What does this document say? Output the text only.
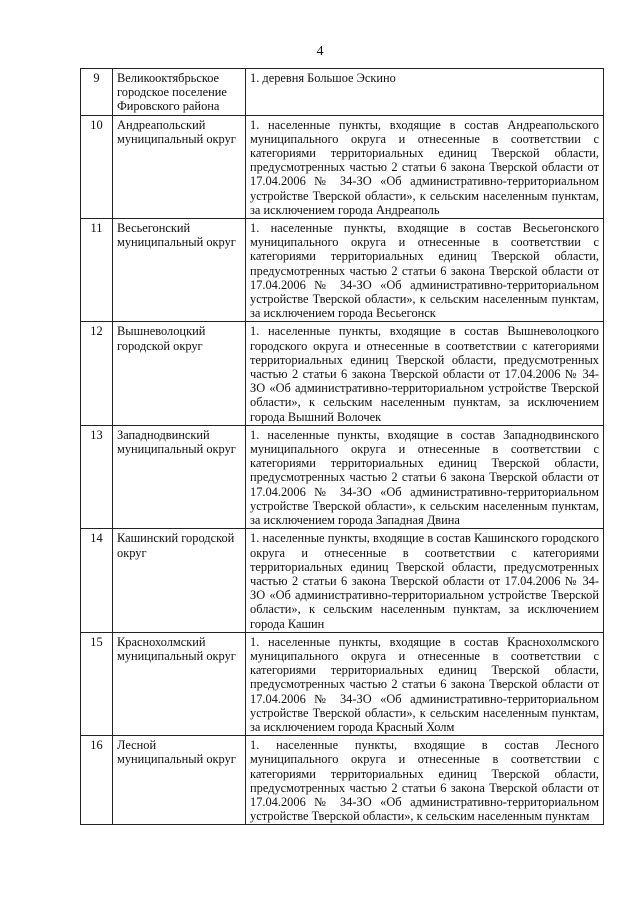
4
9	Великооктябрьское городское поселение Фировского района	1. деревня Большое Эскино
10	Андреапольский муниципальный округ	1. населенные пункты, входящие в состав Андреапольского муниципального округа и отнесенные в соответствии с категориями территориальных единиц Тверской области, предусмотренных частью 2 статьи 6 закона Тверской области от 17.04.2006 № 34-ЗО «Об административно-территориальном устройстве Тверской области», к сельским населенным пунктам, за исключением города Андреаполь
11	Весьегонский муниципальный округ	1. населенные пункты, входящие в состав Весьегонского муниципального округа и отнесенные в соответствии с категориями территориальных единиц Тверской области, предусмотренных частью 2 статьи 6 закона Тверской области от 17.04.2006 № 34-ЗО «Об административно-территориальном устройстве Тверской области», к сельским населенным пунктам, за исключением города Весьегонск
12	Вышневолоцкий городской округ	1. населенные пункты, входящие в состав Вышневолоцкого городского округа и отнесенные в соответствии с категориями территориальных единиц Тверской области, предусмотренных частью 2 статьи 6 закона Тверской области от 17.04.2006 № 34-ЗО «Об административно-территориальном устройстве Тверской области», к сельским населенным пунктам, за исключением города Вышний Волочек
13	Западнодвинский муниципальный округ	1. населенные пункты, входящие в состав Западнодвинского муниципального округа и отнесенные в соответствии с категориями территориальных единиц Тверской области, предусмотренных частью 2 статьи 6 закона Тверской области от 17.04.2006 № 34-ЗО «Об административно-территориальном устройстве Тверской области», к сельским населенным пунктам, за исключением города Западная Двина
14	Кашинский городской округ	1. населенные пункты, входящие в состав Кашинского городского округа и отнесенные в соответствии с категориями территориальных единиц Тверской области, предусмотренных частью 2 статьи 6 закона Тверской области от 17.04.2006 № 34-ЗО «Об административно-территориальном устройстве Тверской области», к сельским населенным пунктам, за исключением города Кашин
15	Краснохолмский муниципальный округ	1. населенные пункты, входящие в состав Краснохолмского муниципального округа и отнесенные в соответствии с категориями территориальных единиц Тверской области, предусмотренных частью 2 статьи 6 закона Тверской области от 17.04.2006 № 34-ЗО «Об административно-территориальном устройстве Тверской области», к сельским населенным пунктам, за исключением города Красный Холм
16	Лесной муниципальный округ	1. населенные пункты, входящие в состав Лесного муниципального округа и отнесенные в соответствии с категориями территориальных единиц Тверской области, предусмотренных частью 2 статьи 6 закона Тверской области от 17.04.2006 № 34-ЗО «Об административно-территориальном устройстве Тверской области», к сельским населенным пунктам
